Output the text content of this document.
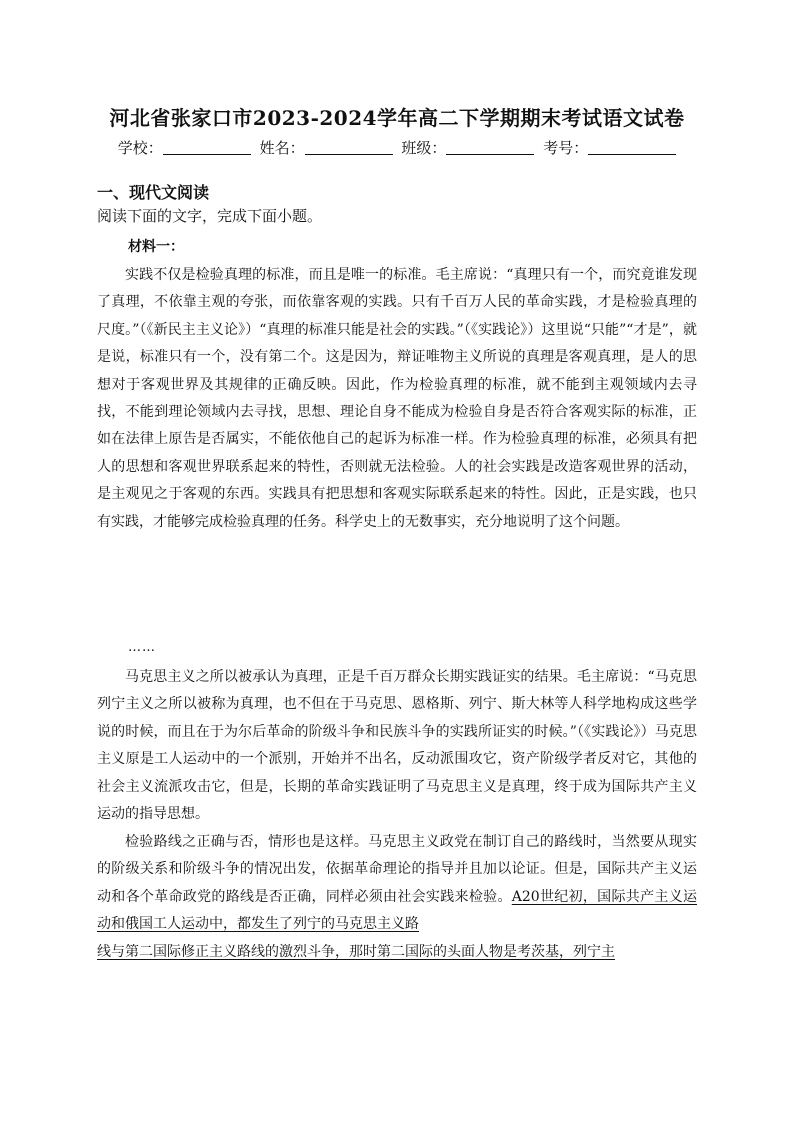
河北省张家口市2023-2024学年高二下学期期末考试语文试卷
学校：	姓名：	班级：	考号：
一、现代文阅读
阅读下面的文字，完成下面小题。
材料一：

实践不仅是检验真理的标准，而且是唯一的标准。毛主席说：“真理只有一个，而究竟谁发现了真理，不依靠主观的夸张，而依靠客观的实践。只有千百万人民的革命实践，才是检验真理的尺度。”（《新民主主义论》）“真理的标准只能是社会的实践。”（《实践论》）这里说“只能”“才是”，就是说，标准只有一个，没有第二个。这是因为，辩证唯物主义所说的真理是客观真理，是人的思想对于客观世界及其规律的正确反映。因此，作为检验真理的标准，就不能到主观领域内去寻找，不能到理论领域内去寻找，思想、理论自身不能成为检验自身是否符合客观实际的标准，正如在法律上原告是否属实，不能依他自己的起诉为标准一样。作为检验真理的标准，必须具有把人的思想和客观世界联系起来的特性，否则就无法检验。人的社会实践是改造客观世界的活动，是主观见之于客观的东西。实践具有把思想和客观实际联系起来的特性。因此，正是实践，也只有实践，才能够完成检验真理的任务。科学史上的无数事实，充分地说明了这个问题。

……

马克思主义之所以被承认为真理，正是千百万群众长期实践证实的结果。毛主席说：“马克思列宁主义之所以被称为真理，也不但在于马克思、恩格斯、列宁、斯大林等人科学地构成这些学说的时候，而且在于为尔后革命的阶级斗争和民族斗争的实践所证实的时候。”（《实践论》）马克思主义原是工人运动中的一个派别，开始并不出名，反动派围攻它，资产阶级学者反对它，其他的社会主义流派攻击它，但是，长期的革命实践证明了马克思主义是真理，终于成为国际共产主义运动的指导思想。

检验路线之正确与否，情形也是这样。马克思主义政党在制订自己的路线时，当然要从现实的阶级关系和阶级斗争的情况出发，依据革命理论的指导并且加以论证。但是，国际共产主义运动和各个革命政党的路线是否正确，同样必须由社会实践来检验。A20世纪初，国际共产主义运动和俄国工人运动中，都发生了列宁的马克思主义路

线与第二国际修正主义路线的激烈斗争，那时第二国际的头面人物是考茨基，列宁主
